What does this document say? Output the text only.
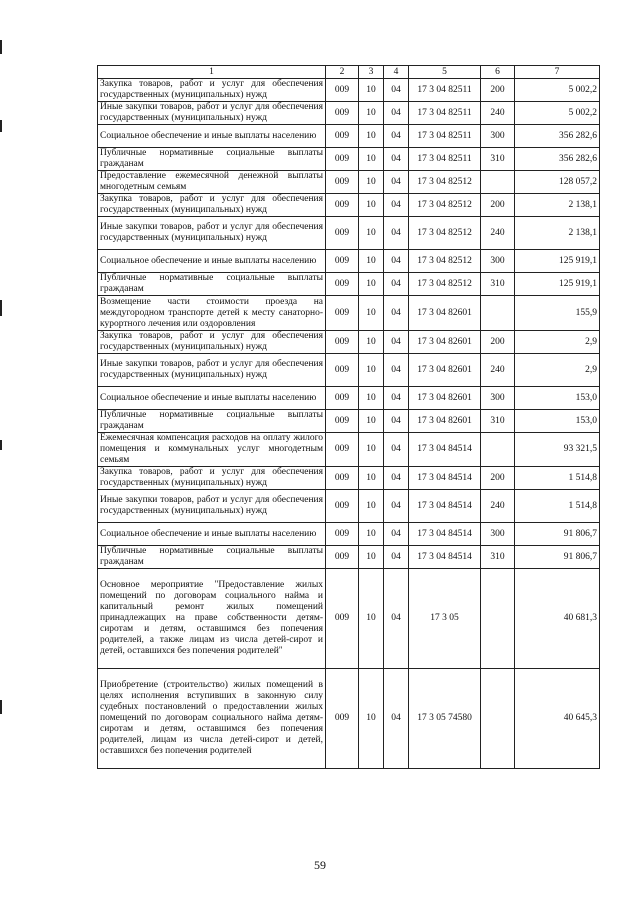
1	2	3	4	5	6	7
Закупка товаров, работ и услуг для обеспечения государственных (муниципальных) нужд	009	10	04	17 3 04 82511	200	5 002,2
Иные закупки товаров, работ и услуг для обеспечения государственных (муниципальных) нужд	009	10	04	17 3 04 82511	240	5 002,2
Социальное обеспечение и иные выплаты населению	009	10	04	17 3 04 82511	300	356 282,6
Публичные нормативные социальные выплаты гражданам	009	10	04	17 3 04 82511	310	356 282,6
Предоставление ежемесячной денежной выплаты многодетным семьям	009	10	04	17 3 04 82512		128 057,2
Закупка товаров, работ и услуг для обеспечения государственных (муниципальных) нужд	009	10	04	17 3 04 82512	200	2 138,1
Иные закупки товаров, работ и услуг для обеспечения государственных (муниципальных) нужд	009	10	04	17 3 04 82512	240	2 138,1
Социальное обеспечение и иные выплаты населению	009	10	04	17 3 04 82512	300	125 919,1
Публичные нормативные социальные выплаты гражданам	009	10	04	17 3 04 82512	310	125 919,1
Возмещение части стоимости проезда на междугородном транспорте детей к месту санаторно-курортного лечения или оздоровления	009	10	04	17 3 04 82601		155,9
Закупка товаров, работ и услуг для обеспечения государственных (муниципальных) нужд	009	10	04	17 3 04 82601	200	2,9
Иные закупки товаров, работ и услуг для обеспечения государственных (муниципальных) нужд	009	10	04	17 3 04 82601	240	2,9
Социальное обеспечение и иные выплаты населению	009	10	04	17 3 04 82601	300	153,0
Публичные нормативные социальные выплаты гражданам	009	10	04	17 3 04 82601	310	153,0
Ежемесячная компенсация расходов на оплату жилого помещения и коммунальных услуг многодетным семьям	009	10	04	17 3 04 84514		93 321,5
Закупка товаров, работ и услуг для обеспечения государственных (муниципальных) нужд	009	10	04	17 3 04 84514	200	1 514,8
Иные закупки товаров, работ и услуг для обеспечения государственных (муниципальных) нужд	009	10	04	17 3 04 84514	240	1 514,8
Социальное обеспечение и иные выплаты населению	009	10	04	17 3 04 84514	300	91 806,7
Публичные нормативные социальные выплаты гражданам	009	10	04	17 3 04 84514	310	91 806,7
Основное мероприятие "Предоставление жилых помещений по договорам социального найма и капитальный ремонт жилых помещений принадлежащих на праве собственности детям-сиротам и детям, оставшимся без попечения родителей, а также лицам из числа детей-сирот и детей, оставшихся без попечения родителей"	009	10	04	17 3 05		40 681,3
Приобретение (строительство) жилых помещений в целях исполнения вступивших в законную силу судебных постановлений о предоставлении жилых помещений по договорам социального найма детям-сиротам и детям, оставшимся без попечения родителей, лицам из числа детей-сирот и детей, оставшихся без попечения родителей	009	10	04	17 3 05 74580		40 645,3
59
